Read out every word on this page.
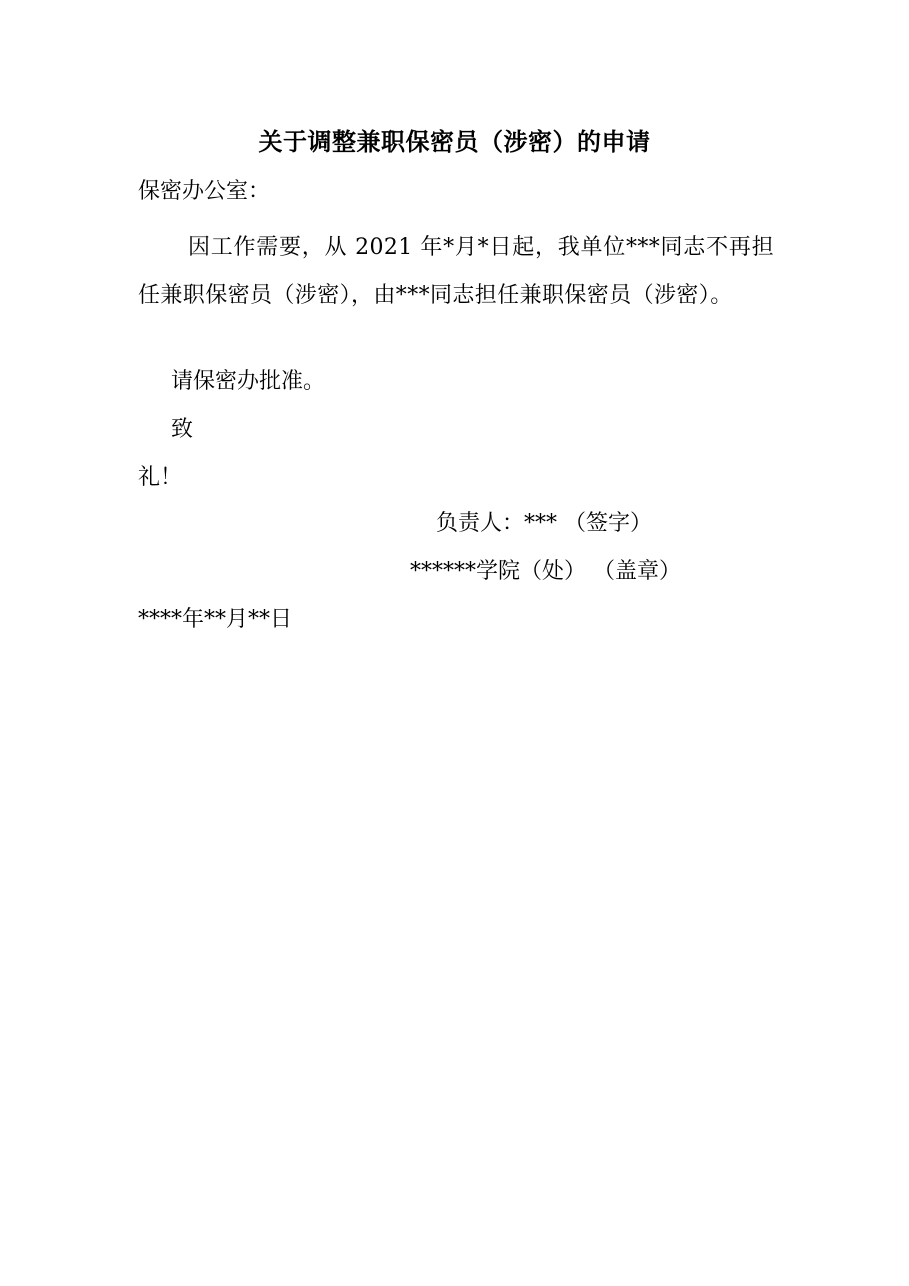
关于调整兼职保密员（涉密）的申请
保密办公室：
因工作需要，从 2021 年*月*日起，我单位***同志不再担任兼职保密员（涉密），由***同志担任兼职保密员（涉密）。
请保密办批准。
致
礼！
负责人：*** （签字）
******学院（处） （盖章）
****年**月**日
